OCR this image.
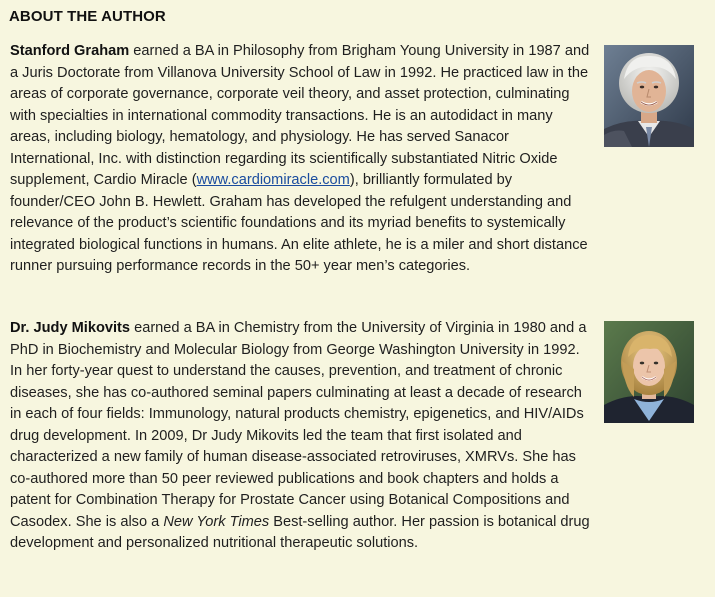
ABOUT THE AUTHOR

Stanford Graham earned a BA in Philosophy from Brigham Young University in 1987 and a Juris Doctorate from Villanova University School of Law in 1992. He practiced law in the areas of corporate governance, corporate veil theory, and asset protection, culminating with specialties in international commodity transactions. He is an autodidact in many areas, including biology, hematology, and physiology. He has served Sanacor International, Inc. with distinction regarding its scientifically substantiated Nitric Oxide supplement, Cardio Miracle (www.cardiomiracle.com), brilliantly formulated by founder/CEO John B. Hewlett. Graham has developed the refulgent understanding and relevance of the product’s scientific foundations and its myriad benefits to systemically integrated biological functions in humans. An elite athlete, he is a miler and short distance runner pursuing performance records in the 50+ year men’s categories.

Dr. Judy Mikovits earned a BA in Chemistry from the University of Virginia in 1980 and a PhD in Biochemistry and Molecular Biology from George Washington University in 1992. In her forty-year quest to understand the causes, prevention, and treatment of chronic diseases, she has co-authored seminal papers culminating at least a decade of research in each of four fields: Immunology, natural products chemistry, epigenetics, and HIV/AIDs drug development. In 2009, Dr Judy Mikovits led the team that first isolated and characterized a new family of human disease-associated retroviruses, XMRVs. She has co-authored more than 50 peer reviewed publications and book chapters and holds a patent for Combination Therapy for Prostate Cancer using Botanical Compositions and Casodex. She is also a New York Times Best-selling author. Her passion is botanical drug development and personalized nutritional therapeutic solutions.
